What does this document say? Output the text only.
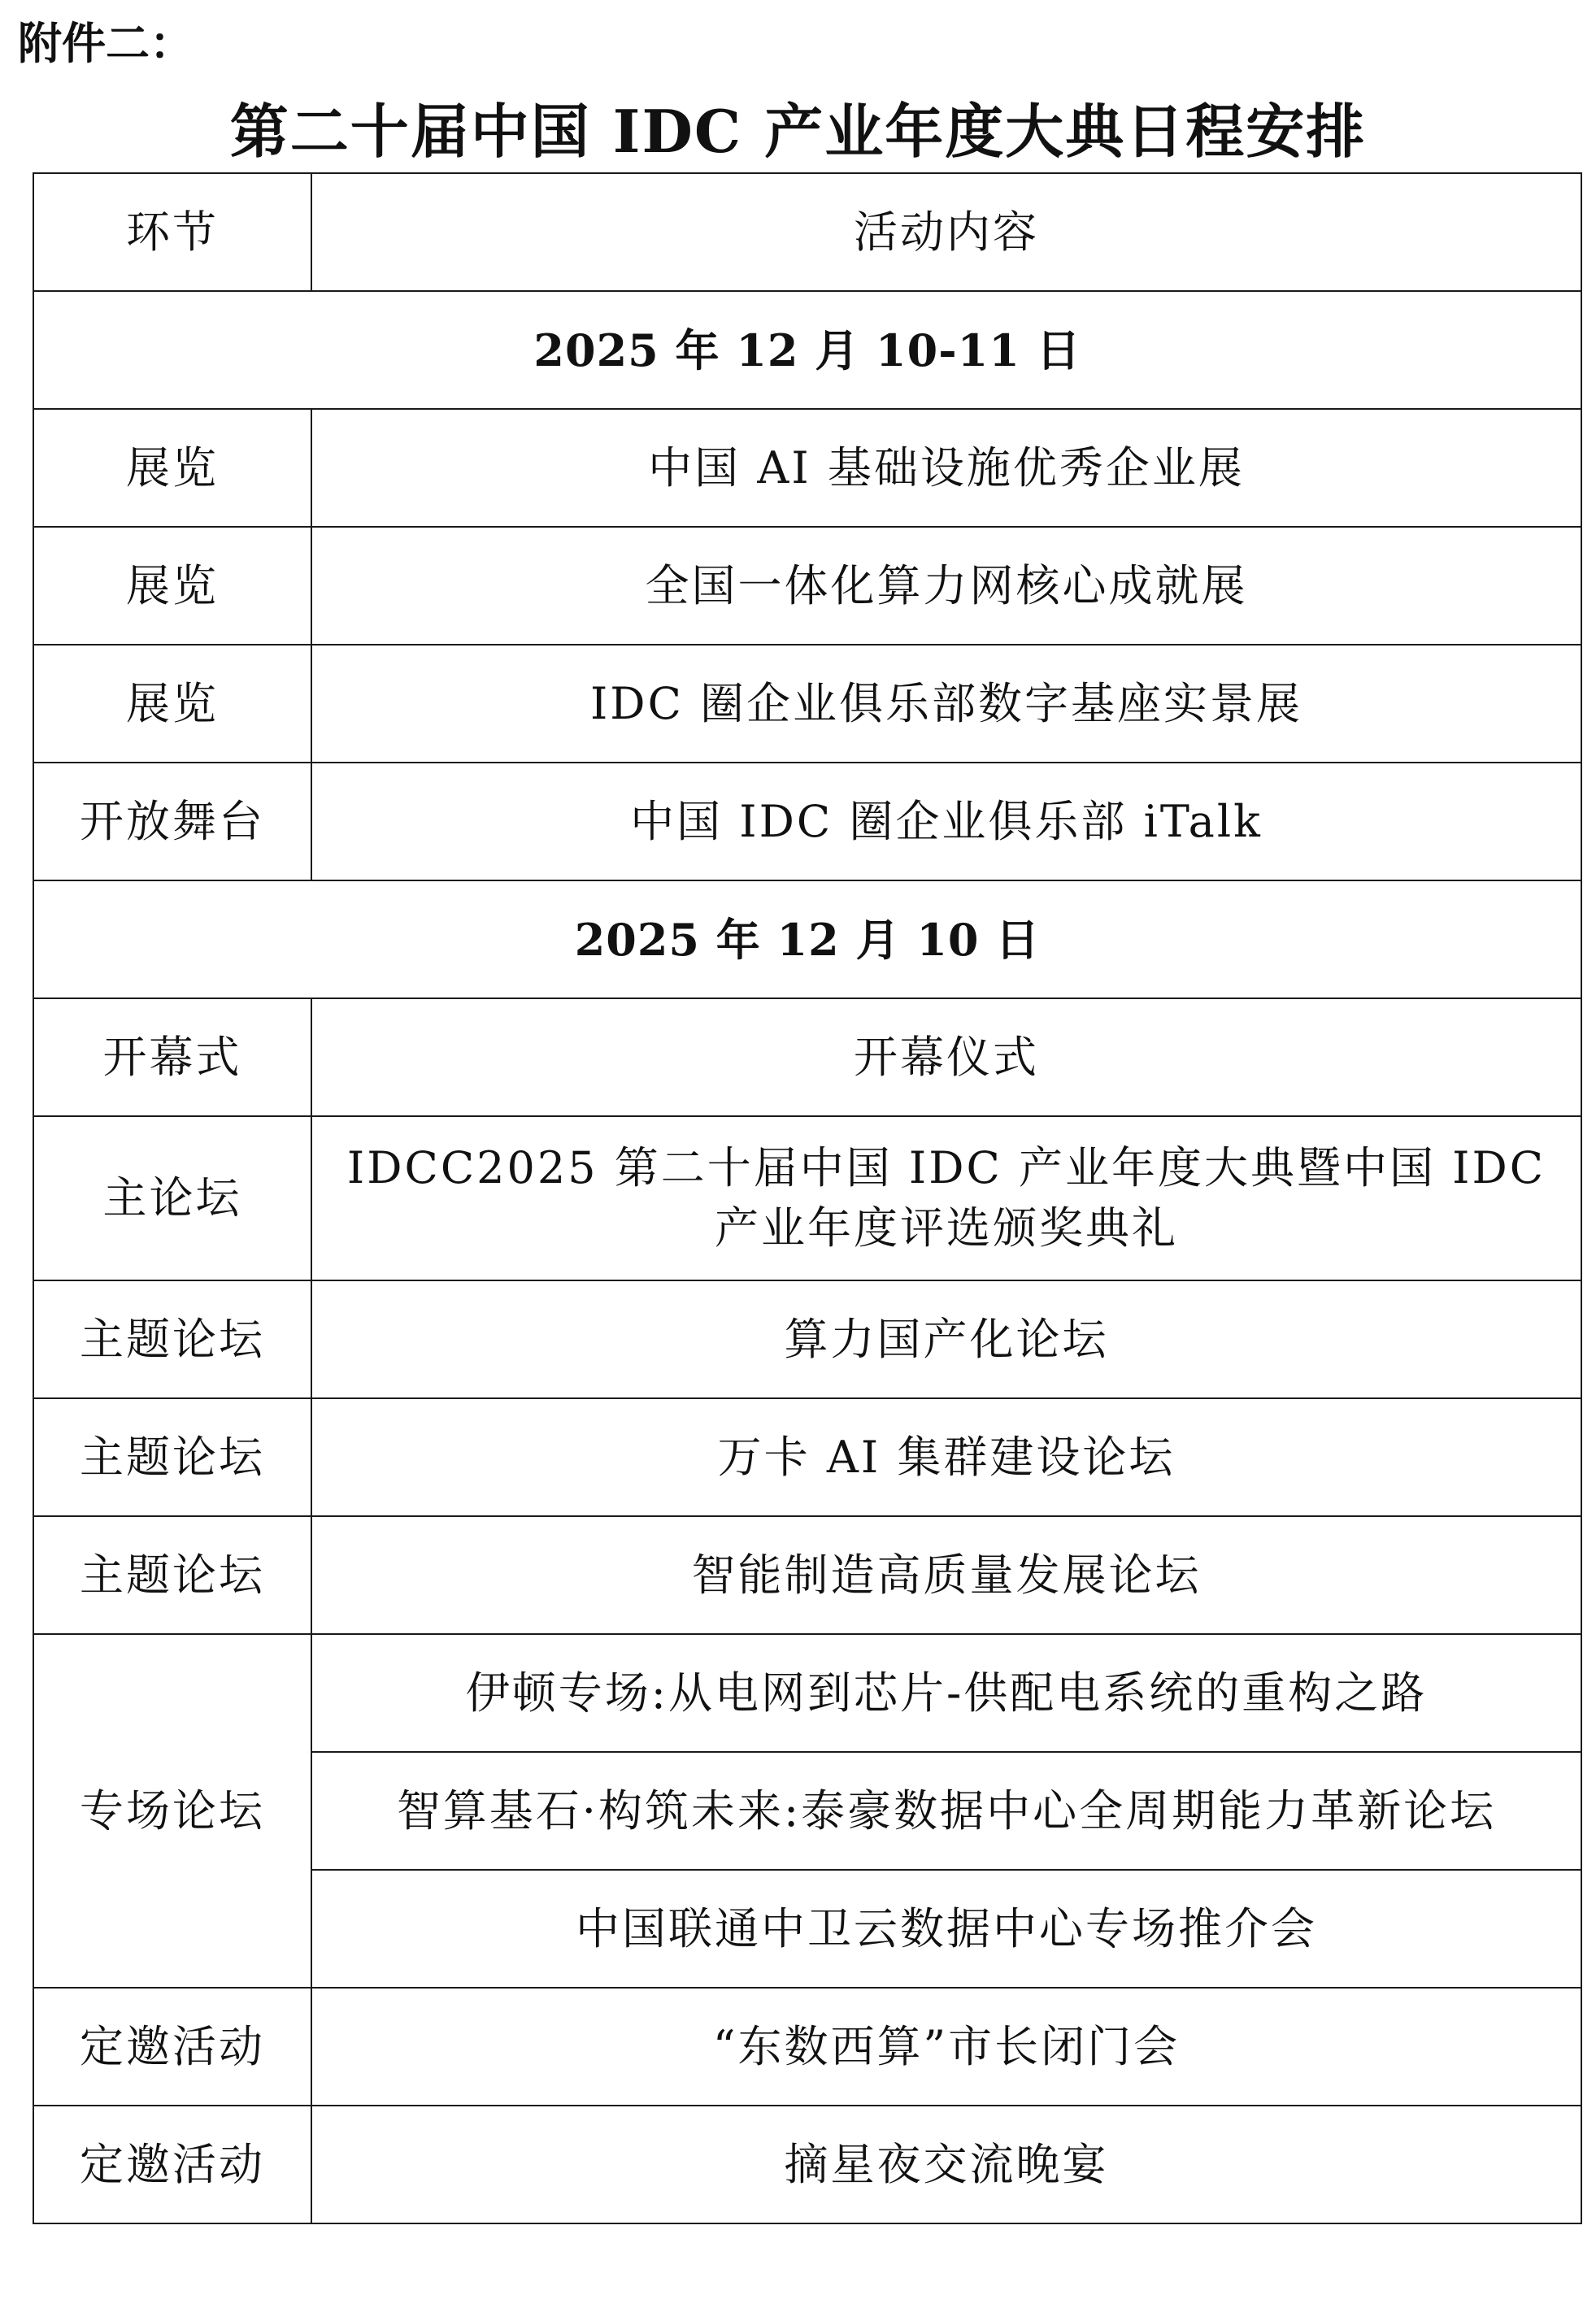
附件二：
第二十届中国 IDC 产业年度大典日程安排
环节	活动内容
2025 年 12 月 10-11 日	
展览	中国 AI 基础设施优秀企业展
展览	全国一体化算力网核心成就展
展览	IDC 圈企业俱乐部数字基座实景展
开放舞台	中国 IDC 圈企业俱乐部 iTalk
2025 年 12 月 10 日	
开幕式	开幕仪式
主论坛	IDCC2025 第二十届中国 IDC 产业年度大典暨中国 IDC 产业年度评选颁奖典礼
主题论坛	算力国产化论坛
主题论坛	万卡 AI 集群建设论坛
主题论坛	智能制造高质量发展论坛
专场论坛	伊顿专场:从电网到芯片-供配电系统的重构之路
	智算基石·构筑未来:泰豪数据中心全周期能力革新论坛
	中国联通中卫云数据中心专场推介会
定邀活动	“东数西算”市长闭门会
定邀活动	摘星夜交流晚宴
